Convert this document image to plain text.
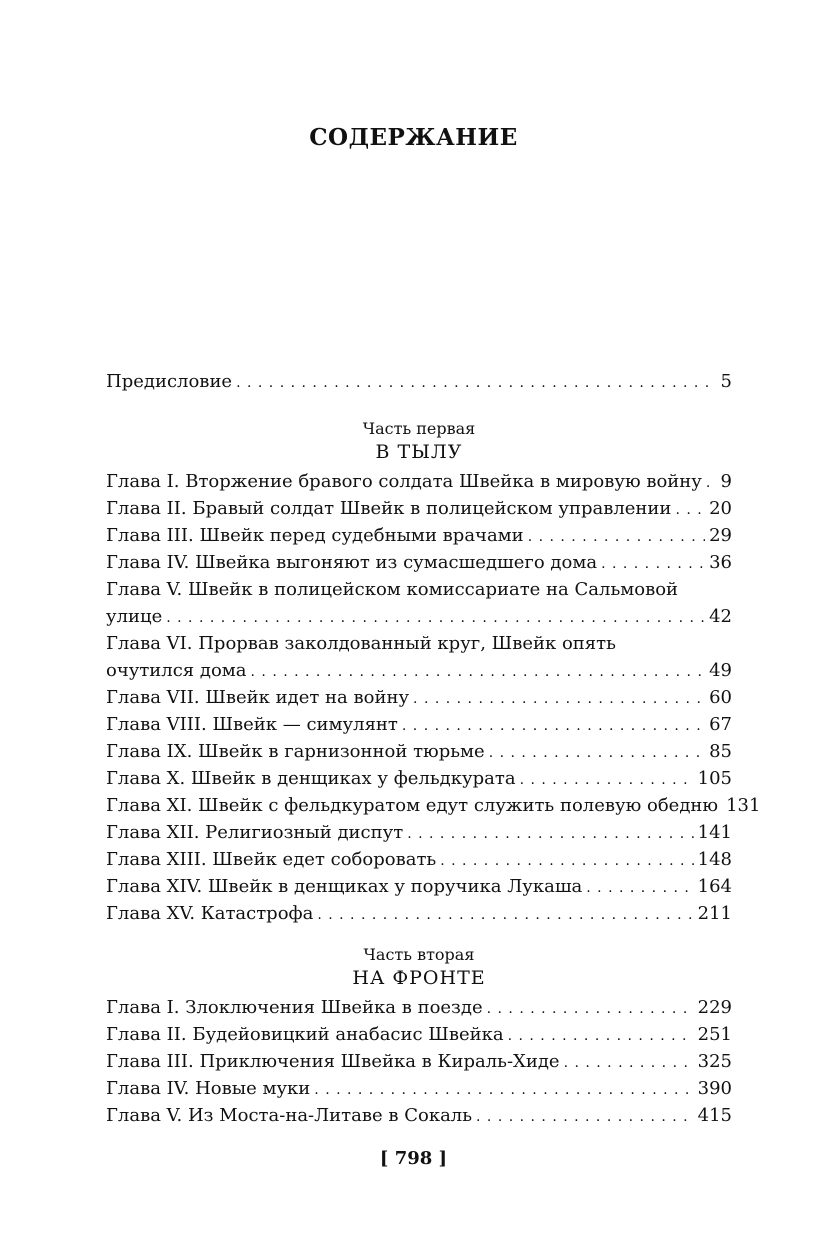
СОДЕРЖАНИЕ
Предисловие . . .	5
Часть первая
В ТЫЛУ
Глава I. Вторжение бравого солдата Швейка в мировую войну . . . 9
Глава II. Бравый солдат Швейк в полицейском управлении . . . 20
Глава III. Швейк перед судебными врачами . . .	29
Глава IV. Швейка выгоняют из сумасшедшего дома . . .	36
Глава V. Швейк в полицейском комиссариате на Сальмовой
улице . . .	42
Глава VI. Прорвав заколдованный круг, Швейк опять
очутился дома . . .	49
Глава VII. Швейк идет на войну . . .	60
Глава VIII. Швейк — симулянт . . .	67
Глава IX. Швейк в гарнизонной тюрьме . . .	85
Глава X. Швейк в денщиках у фельдкурата . . .	105
Глава XI. Швейк с фельдкуратом едут служить полевую обедню 131
Глава XII. Религиозный диспут . . .	141
Глава XIII. Швейк едет соборовать . . .	148
Глава XIV. Швейк в денщиках у поручика Лукаша . . .	164
Глава XV. Катастрофа . . .	211
Часть вторая
НА ФРОНТЕ
Глава I. Злоключения Швейка в поезде . . .	229
Глава II. Будейовицкий анабасис Швейка . . .	251
Глава III. Приключения Швейка в Кираль-Хиде . . .	325
Глава IV. Новые муки . . .	390
Глава V. Из Моста-на-Литаве в Сокаль . . .	415
[ 798 ]
